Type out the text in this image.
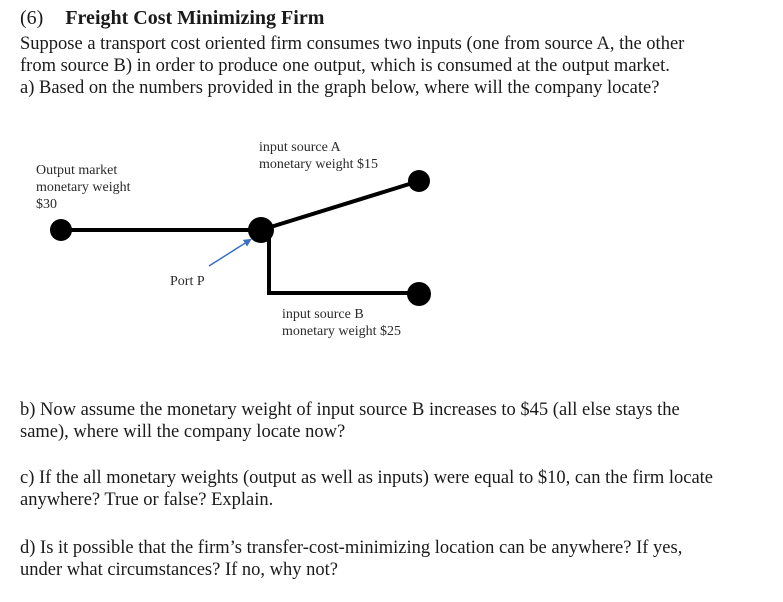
(6) Freight Cost Minimizing Firm

Suppose a transport cost oriented firm consumes two inputs (one from source A, the other

from source B) in order to produce one output, which is consumed at the output market.

a) Based on the numbers provided in the graph below, where will the company locate?

Output market
monetary weight
$30
Port P
input source A
monetary weight $15
input source B
monetary weight $25

b) Now assume the monetary weight of input source B increases to $45 (all else stays the

same), where will the company locate now?

c) If the all monetary weights (output as well as inputs) were equal to $10, can the firm locate

anywhere? True or false? Explain.

d) Is it possible that the firm’s transfer-cost-minimizing location can be anywhere? If yes,

under what circumstances? If no, why not?
